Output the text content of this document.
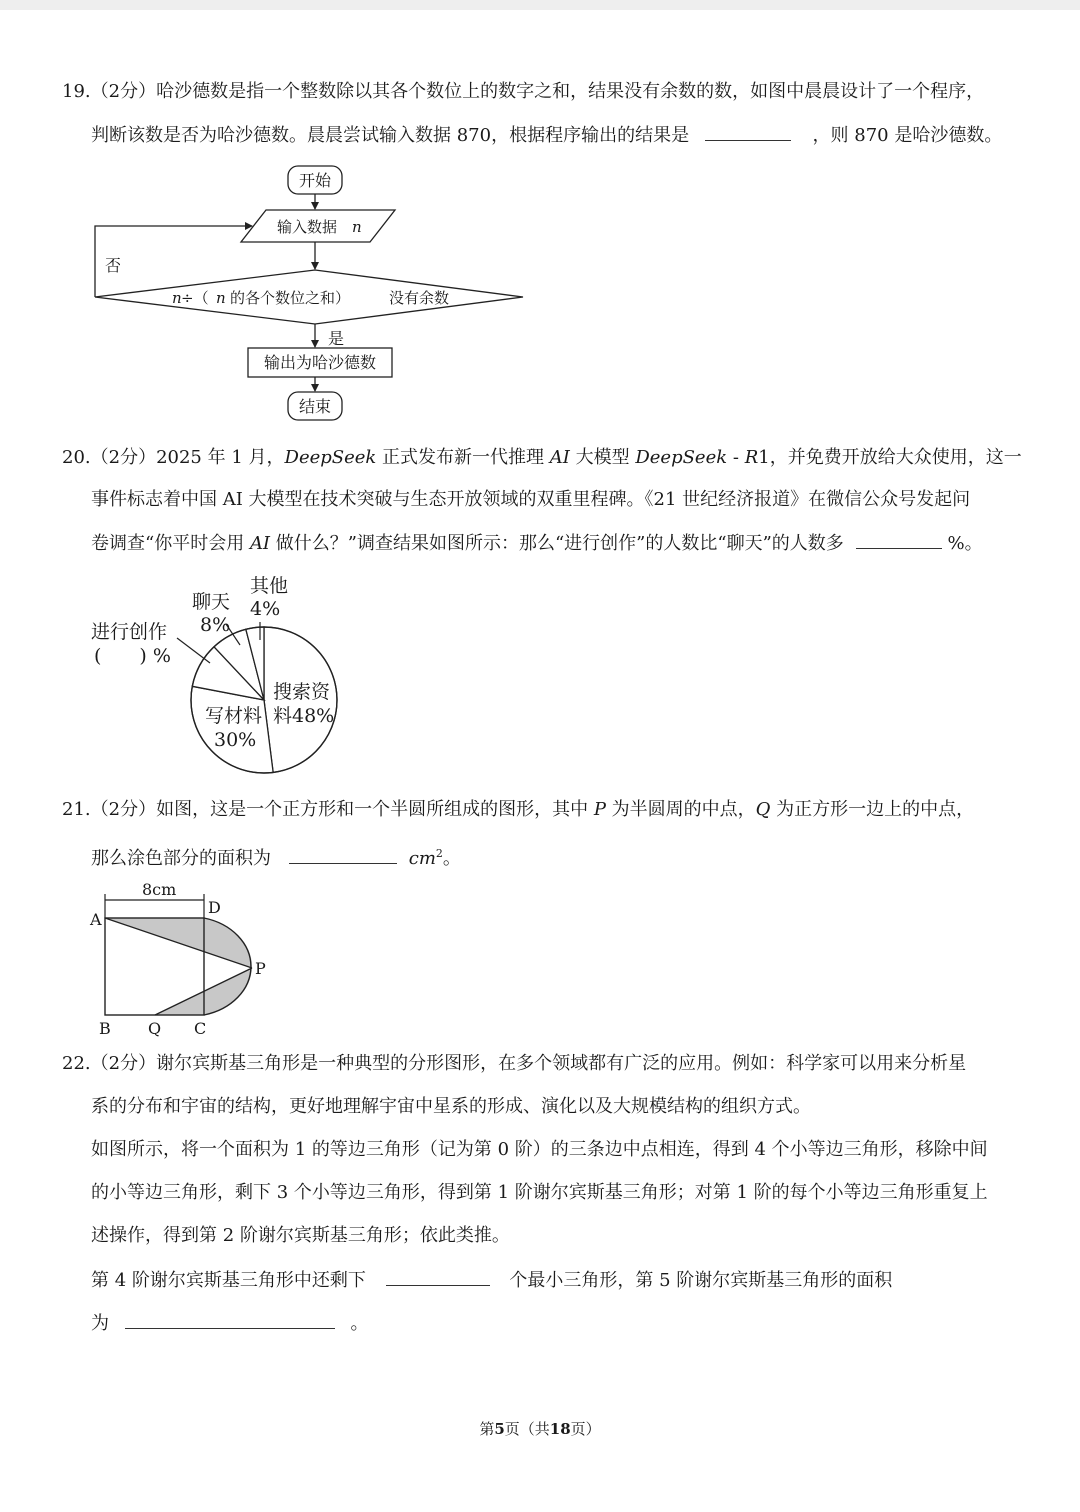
19.（2分）哈沙德数是指一个整数除以其各个数位上的数字之和，结果没有余数的数，如图中晨晨设计了一个程序，
判断该数是否为哈沙德数。晨晨尝试输入数据 870，根据程序输出的结果是	，则 870 是哈沙德数。
开始
输入数据 n
n ÷（ n 的各个数位之和）	没有余数
否
是
输出为哈沙德数
结束
20.（2分）2025 年 1 月，DeepSeek 正式发布新一代推理 AI 大模型 DeepSeek - R1，并免费开放给大众使用，这一
事件标志着中国 AI 大模型在技术突破与生态开放领域的双重里程碑。《21 世纪经济报道》在微信公众号发起问
卷调查“你平时会用 AI 做什么？”调查结果如图所示：那么“进行创作”的人数比“聊天”的人数多	%。
搜索资
料48%
写材料
30%
进行创作
(　　) %
聊天
8%
其他
4%
21.（2分）如图，这是一个正方形和一个半圆所组成的图形，其中 P 为半圆周的中点，Q 为正方形一边上的中点，
那么涂色部分的面积为	$cm^2$。
8cm
A
D
P
B Q C
22.（2分）谢尔宾斯基三角形是一种典型的分形图形，在多个领域都有广泛的应用。例如：科学家可以用来分析星
系的分布和宇宙的结构，更好地理解宇宙中星系的形成、演化以及大规模结构的组织方式。
如图所示，将一个面积为 1 的等边三角形（记为第 0 阶）的三条边中点相连，得到 4 个小等边三角形，移除中间
的小等边三角形，剩下 3 个小等边三角形，得到第 1 阶谢尔宾斯基三角形；对第 1 阶的每个小等边三角形重复上
述操作，得到第 2 阶谢尔宾斯基三角形；依此类推。
第 4 阶谢尔宾斯基三角形中还剩下	个最小三角形，第 5 阶谢尔宾斯基三角形的面积
为	。
第5页（共18页）
